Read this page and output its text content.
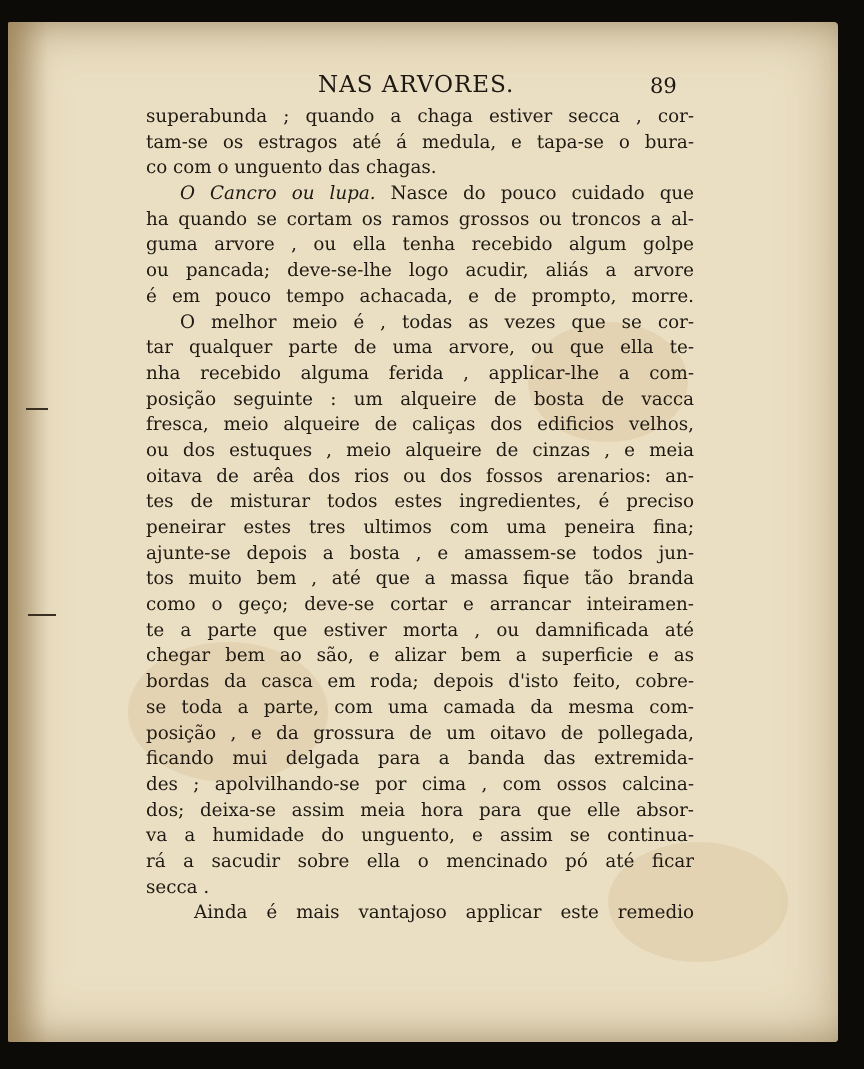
NAS ARVORES.	89
superabunda ; quando a chaga estiver secca , cor-
tam-se os estragos até á medula, e tapa-se o bura-
co com o unguento das chagas.
O Cancro ou lupa. Nasce do pouco cuidado que
ha quando se cortam os ramos grossos ou troncos a al-
guma arvore , ou ella tenha recebido algum golpe
ou pancada; deve-se-lhe logo acudir, aliás a arvore
é em pouco tempo achacada, e de prompto, morre.
O melhor meio é , todas as vezes que se cor-
tar qualquer parte de uma arvore, ou que ella te-
nha recebido alguma ferida , applicar-lhe a com-
posição seguinte : um alqueire de bosta de vacca
fresca, meio alqueire de caliças dos edificios velhos,
ou dos estuques , meio alqueire de cinzas , e meia
oitava de arêa dos rios ou dos fossos arenarios: an-
tes de misturar todos estes ingredientes, é preciso
peneirar estes tres ultimos com uma peneira fina;
ajunte-se depois a bosta , e amassem-se todos jun-
tos muito bem , até que a massa fique tão branda
como o geço; deve-se cortar e arrancar inteiramen-
te a parte que estiver morta , ou damnificada até
chegar bem ao são, e alizar bem a superficie e as
bordas da casca em roda; depois d'isto feito, cobre-
se toda a parte, com uma camada da mesma com-
posição , e da grossura de um oitavo de pollegada,
ficando mui delgada para a banda das extremida-
des ; apolvilhando-se por cima , com ossos calcina-
dos; deixa-se assim meia hora para que elle absor-
va a humidade do unguento, e assim se continua-
rá a sacudir sobre ella o mencinado pó até ficar
secca .
Ainda é mais vantajoso applicar este remedio
